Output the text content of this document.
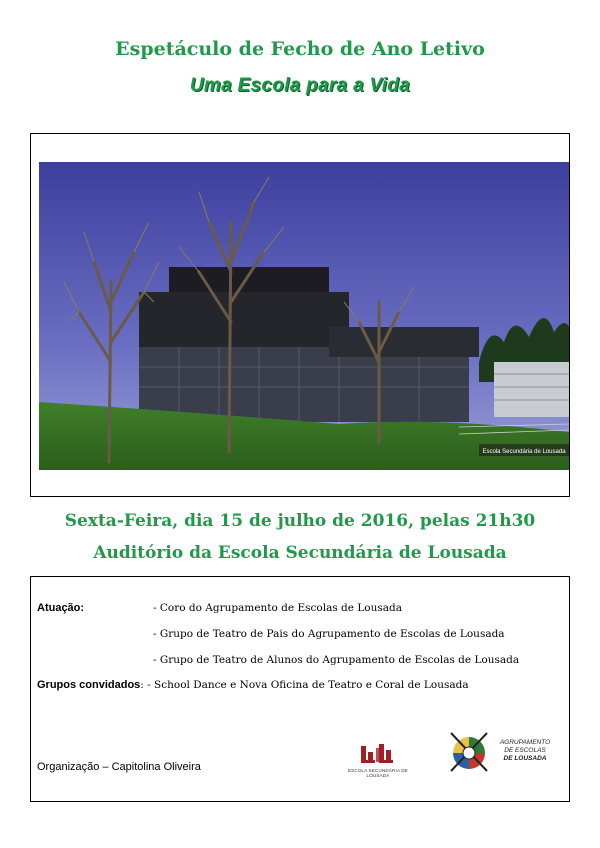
Espetáculo de Fecho de Ano Letivo
Uma Escola para a Vida
Escola Secundária de Lousada
Sexta-Feira, dia 15 de julho de 2016, pelas 21h30
Auditório da Escola Secundária de Lousada
Atuação:	- Coro do Agrupamento de Escolas de Lousada
- Grupo de Teatro de Pais do Agrupamento de Escolas de Lousada
- Grupo de Teatro de Alunos do Agrupamento de Escolas de Lousada
Grupos convidados: - School Dance e Nova Oficina de Teatro e Coral de Lousada
Organização – Capitolina Oliveira	ESCOLA SECUNDÁRIA DE LOUSADA
AGRUPAMENTO
DE ESCOLAS
DE LOUSADA
